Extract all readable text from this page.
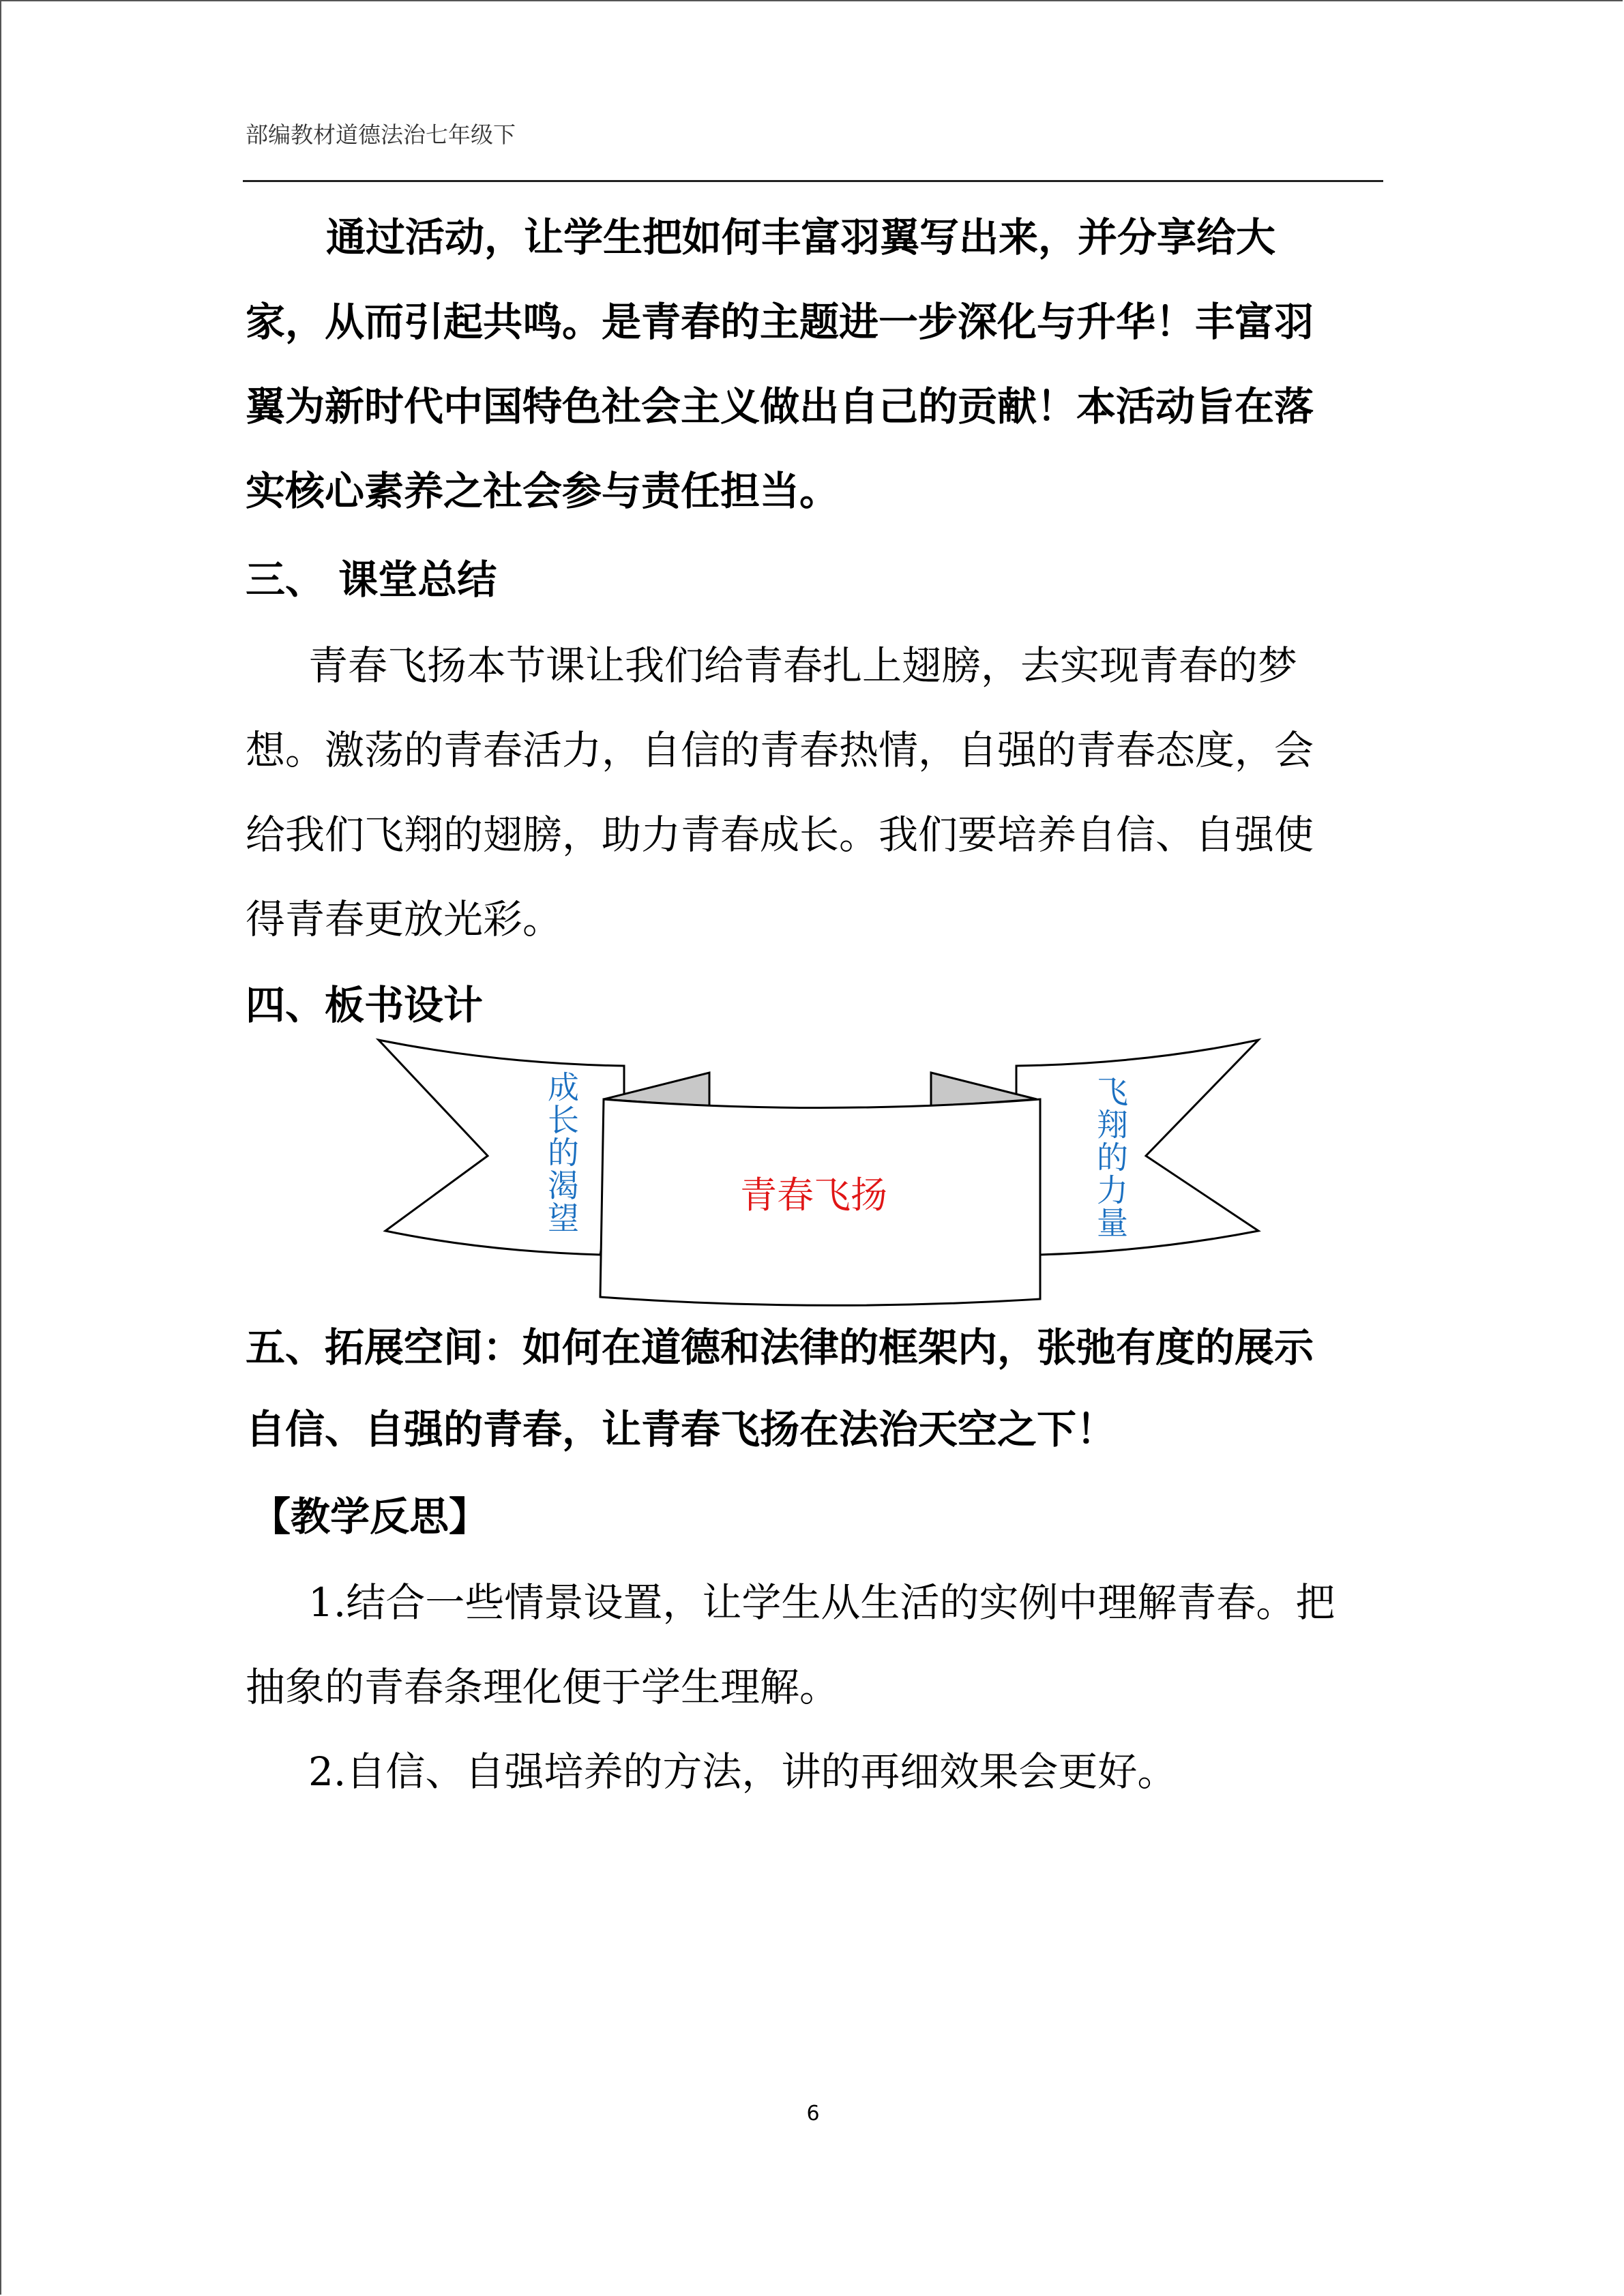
部编教材道德法治七年级下
通过活动，让学生把如何丰富羽翼写出来，并分享给大
家，从而引起共鸣。是青春的主题进一步深化与升华！丰富羽
翼为新时代中国特色社会主义做出自己的贡献！本活动旨在落
实核心素养之社会参与责任担当。
三、 课堂总结
青春飞扬本节课让我们给青春扎上翅膀，去实现青春的梦
想。激荡的青春活力，自信的青春热情，自强的青春态度，会
给我们飞翔的翅膀，助力青春成长。我们要培养自信、自强使
得青春更放光彩。
四、板书设计
成长的渴望	飞翔的力量
青春飞扬
五、拓展空间：如何在道德和法律的框架内，张弛有度的展示
自信、自强的青春，让青春飞扬在法治天空之下！
【教学反思】
1.结合一些情景设置，让学生从生活的实例中理解青春。把
抽象的青春条理化便于学生理解。
2.自信、自强培养的方法，讲的再细效果会更好。
6
